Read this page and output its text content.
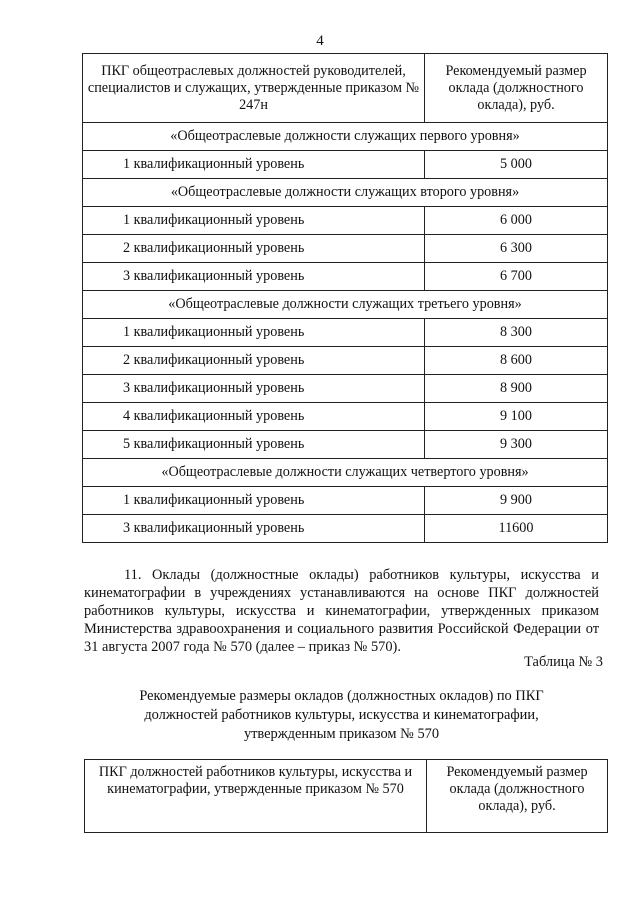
4
ПКГ общеотраслевых должностей руководителей, специалистов и служащих, утвержденные приказом № 247н	Рекомендуемый размер оклада (должностного оклада), руб.
«Общеотраслевые должности служащих первого уровня»	
1 квалификационный уровень	5 000
«Общеотраслевые должности служащих второго уровня»	
1 квалификационный уровень	6 000
2 квалификационный уровень	6 300
3 квалификационный уровень	6 700
«Общеотраслевые должности служащих третьего уровня»	
1 квалификационный уровень	8 300
2 квалификационный уровень	8 600
3 квалификационный уровень	8 900
4 квалификационный уровень	9 100
5 квалификационный уровень	9 300
«Общеотраслевые должности служащих четвертого уровня»	
1 квалификационный уровень	9 900
3 квалификационный уровень	11600

11. Оклады (должностные оклады) работников культуры, искусства и кинематографии в учреждениях устанавливаются на основе ПКГ должностей работников культуры, искусства и кинематографии, утвержденных приказом Министерства здравоохранения и социального развития Российской Федерации от 31 августа 2007 года № 570 (далее – приказ № 570).

Таблица № 3
Рекомендуемые размеры окладов (должностных окладов) по ПКГ
должностей работников культуры, искусства и кинематографии,
утвержденным приказом № 570
ПКГ должностей работников культуры, искусства и кинематографии, утвержденные приказом № 570	Рекомендуемый размер оклада (должностного оклада), руб.
